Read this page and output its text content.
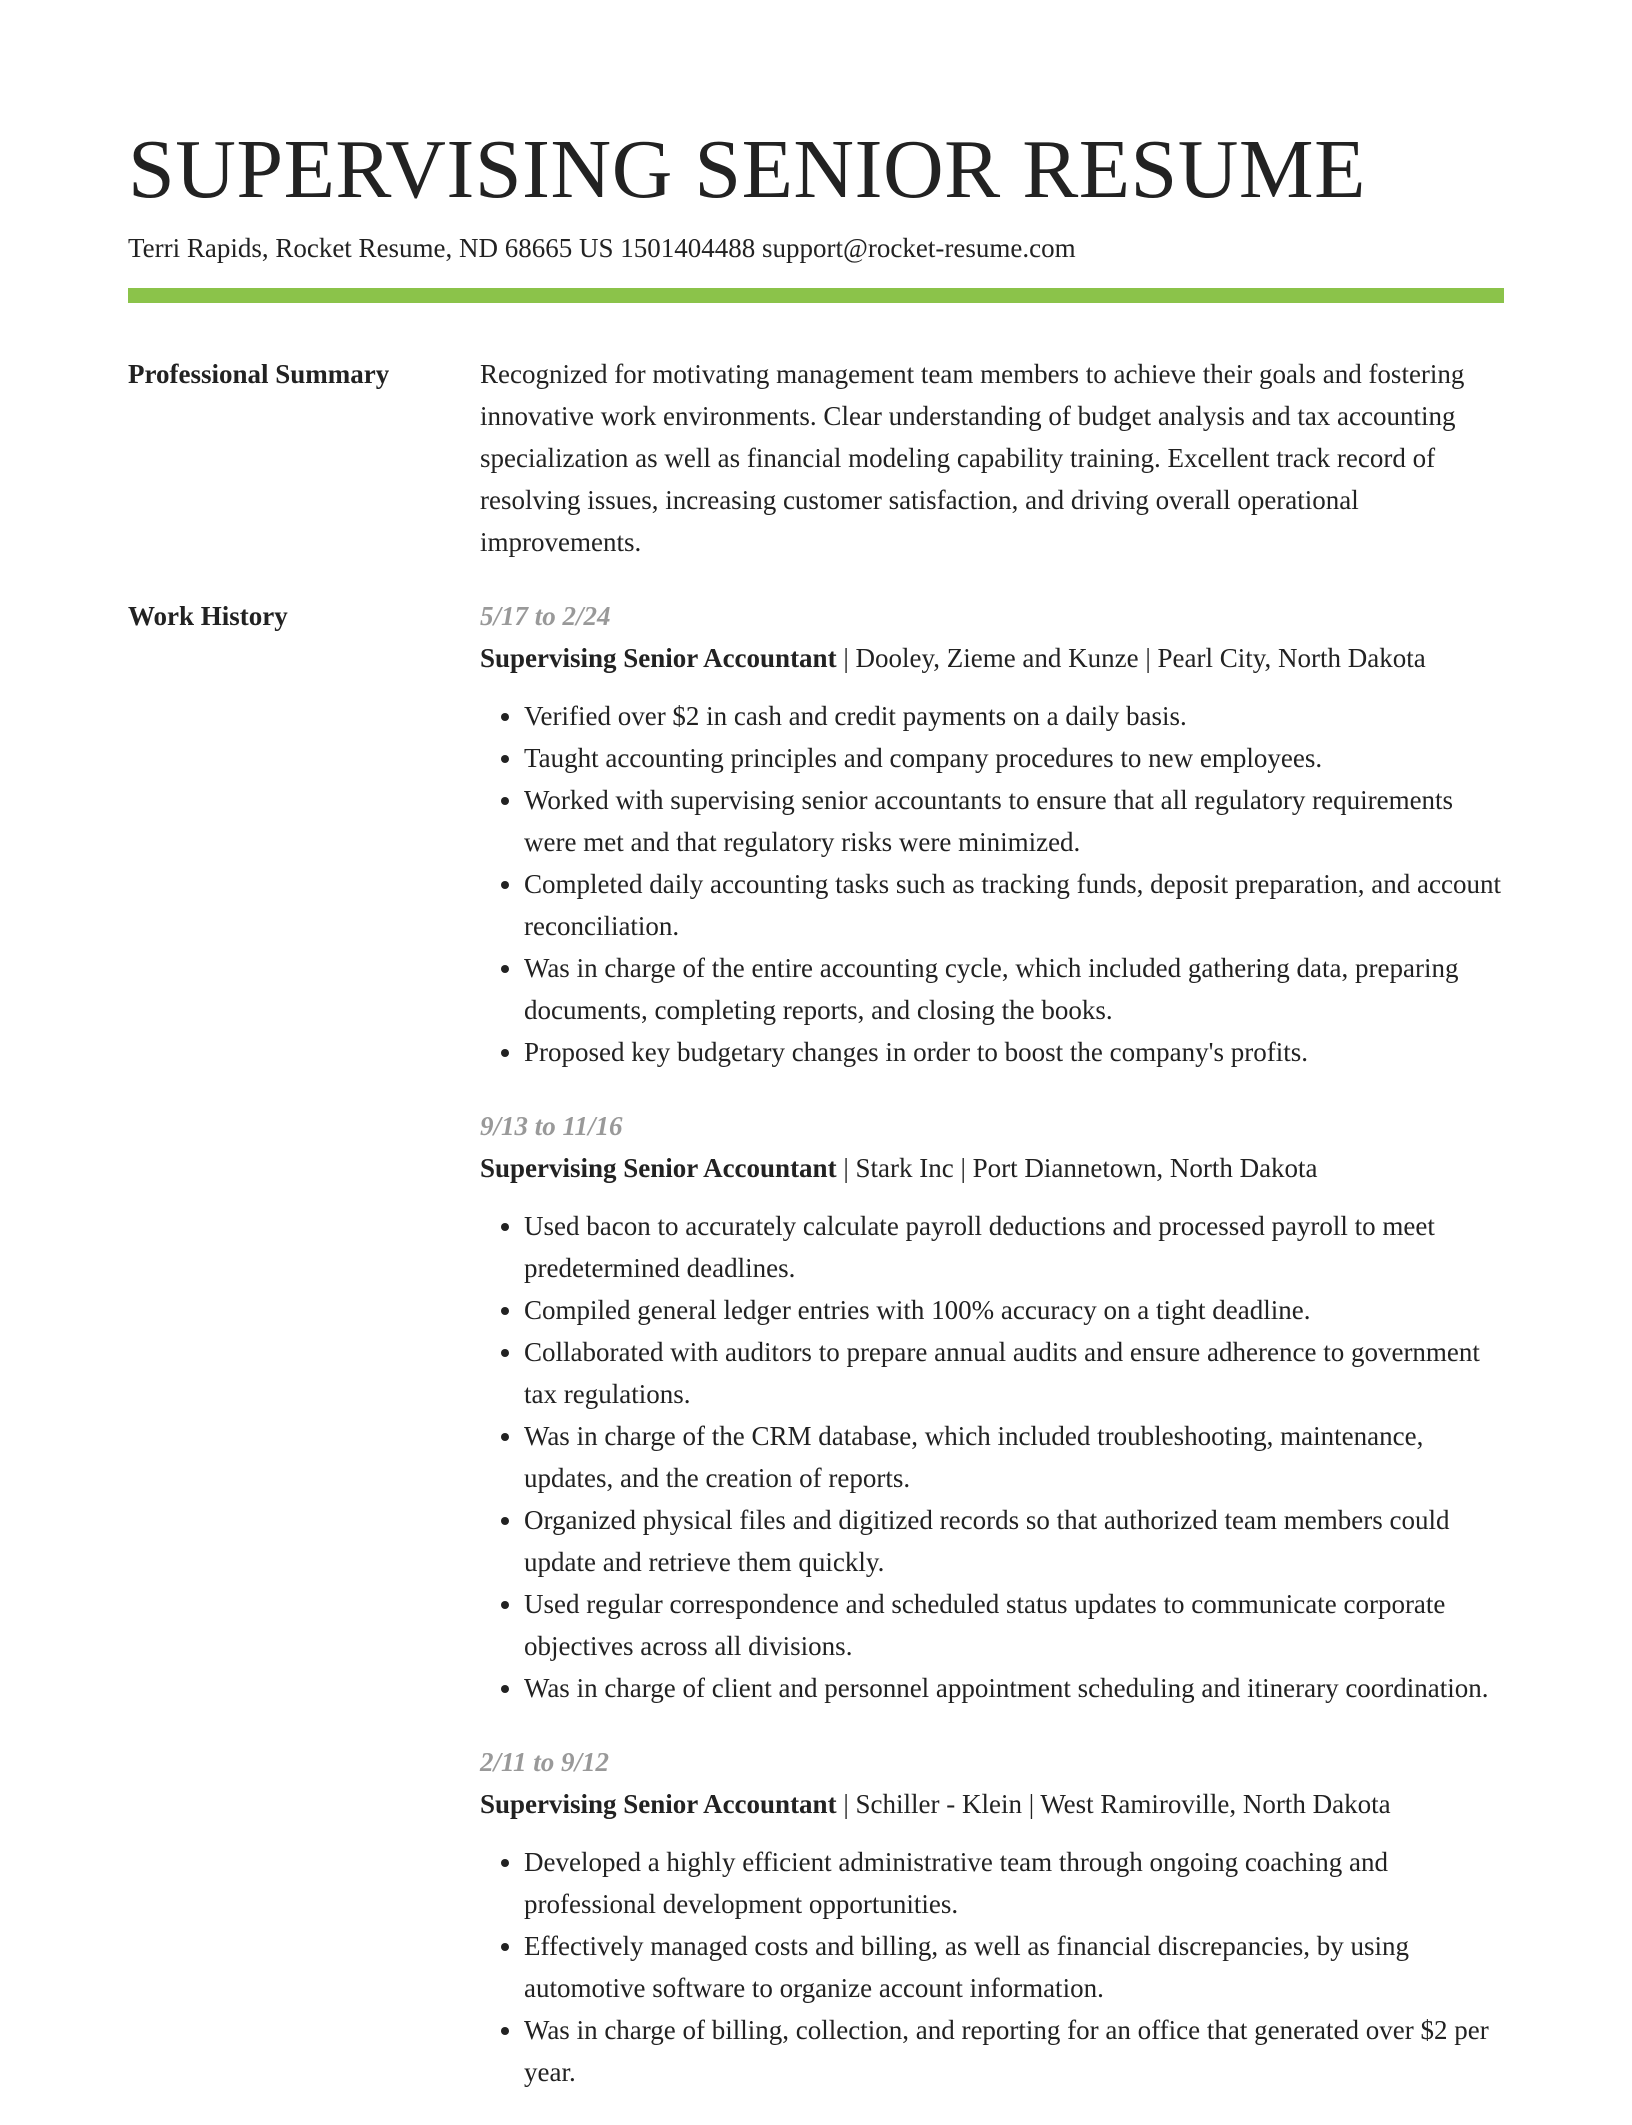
SUPERVISING SENIOR RESUME
Terri Rapids, Rocket Resume, ND 68665 US 1501404488 support@rocket-resume.com
Professional Summary	Recognized for motivating management team members to achieve their goals and fostering innovative work environments. Clear understanding of budget analysis and tax accounting specialization as well as financial modeling capability training. Excellent track record of resolving issues, increasing customer satisfaction, and driving overall operational improvements.

Work History	5/17 to 2/24
Supervising Senior Accountant | Dooley, Zieme and Kunze | Pearl City, North Dakota
• Verified over $2 in cash and credit payments on a daily basis.
• Taught accounting principles and company procedures to new employees.
• Worked with supervising senior accountants to ensure that all regulatory requirements were met and that regulatory risks were minimized.
• Completed daily accounting tasks such as tracking funds, deposit preparation, and account reconciliation.
• Was in charge of the entire accounting cycle, which included gathering data, preparing documents, completing reports, and closing the books.
• Proposed key budgetary changes in order to boost the company's profits.
9/13 to 11/16
Supervising Senior Accountant | Stark Inc | Port Diannetown, North Dakota
• Used bacon to accurately calculate payroll deductions and processed payroll to meet predetermined deadlines.
• Compiled general ledger entries with 100% accuracy on a tight deadline.
• Collaborated with auditors to prepare annual audits and ensure adherence to government tax regulations.
• Was in charge of the CRM database, which included troubleshooting, maintenance, updates, and the creation of reports.
• Organized physical files and digitized records so that authorized team members could update and retrieve them quickly.
• Used regular correspondence and scheduled status updates to communicate corporate objectives across all divisions.
• Was in charge of client and personnel appointment scheduling and itinerary coordination.
2/11 to 9/12
Supervising Senior Accountant | Schiller - Klein | West Ramiroville, North Dakota
• Developed a highly efficient administrative team through ongoing coaching and professional development opportunities.
• Effectively managed costs and billing, as well as financial discrepancies, by using automotive software to organize account information.
• Was in charge of billing, collection, and reporting for an office that generated over $2 per year.
